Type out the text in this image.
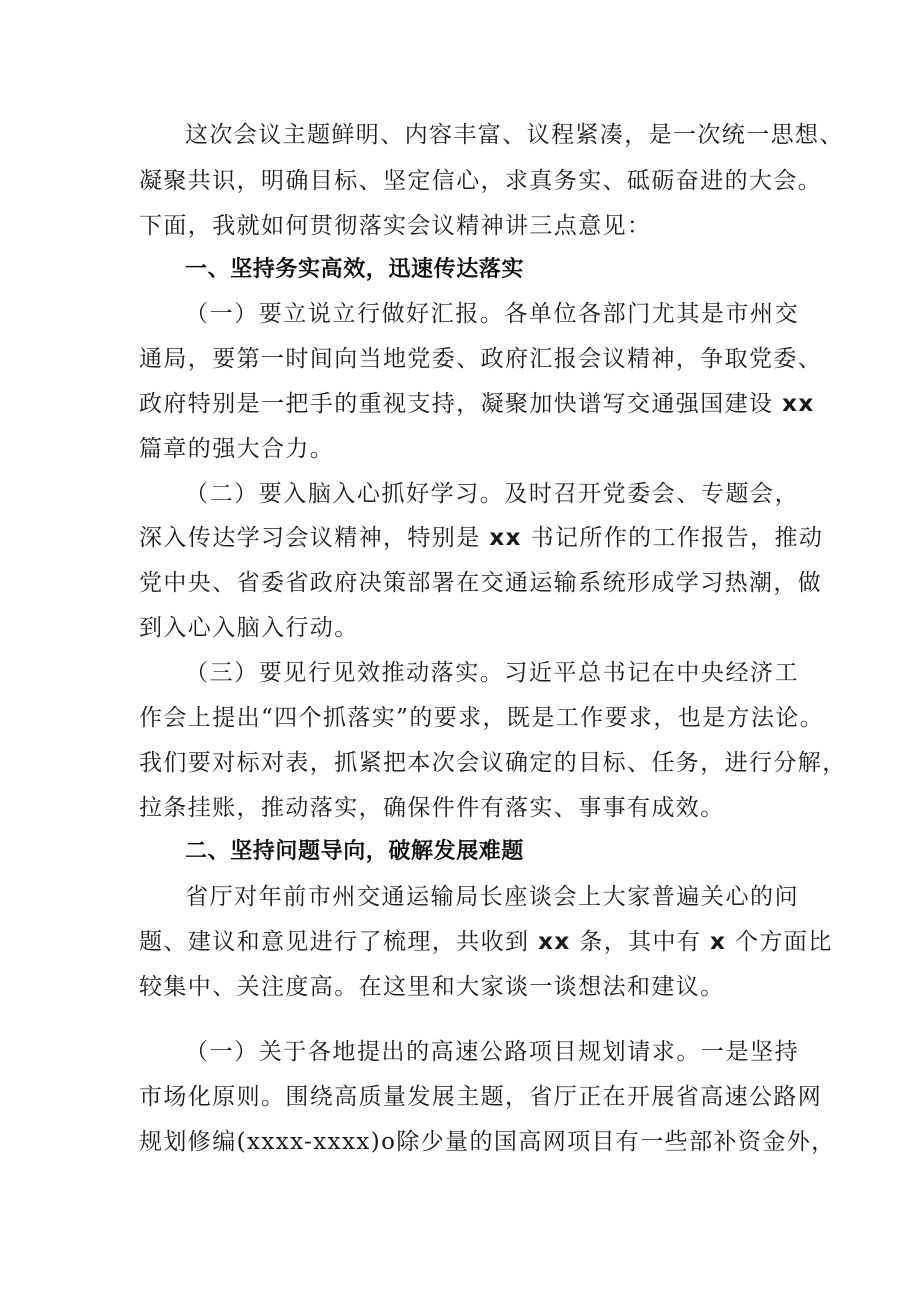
这次会议主题鲜明、内容丰富、议程紧凑，是一次统一思想、
凝聚共识，明确目标、坚定信心，求真务实、砥砺奋进的大会。
下面，我就如何贯彻落实会议精神讲三点意见：
一、坚持务实高效，迅速传达落实
（一）要立说立行做好汇报。各单位各部门尤其是市州交
通局，要第一时间向当地党委、政府汇报会议精神，争取党委、
政府特别是一把手的重视支持，凝聚加快谱写交通强国建设 xx
篇章的强大合力。
（二）要入脑入心抓好学习。及时召开党委会、专题会，
深入传达学习会议精神，特别是 xx 书记所作的工作报告，推动
党中央、省委省政府决策部署在交通运输系统形成学习热潮，做
到入心入脑入行动。
（三）要见行见效推动落实。习近平总书记在中央经济工
作会上提出“四个抓落实”的要求，既是工作要求，也是方法论。
我们要对标对表，抓紧把本次会议确定的目标、任务，进行分解，
拉条挂账，推动落实，确保件件有落实、事事有成效。
二、坚持问题导向，破解发展难题
省厅对年前市州交通运输局长座谈会上大家普遍关心的问
题、建议和意见进行了梳理，共收到 xx 条，其中有 x 个方面比
较集中、关注度高。在这里和大家谈一谈想法和建议。
（一）关于各地提出的高速公路项目规划请求。一是坚持
市场化原则。围绕高质量发展主题，省厅正在开展省高速公路网
规划修编(xxxx-xxxx)o除少量的国高网项目有一些部补资金外，
